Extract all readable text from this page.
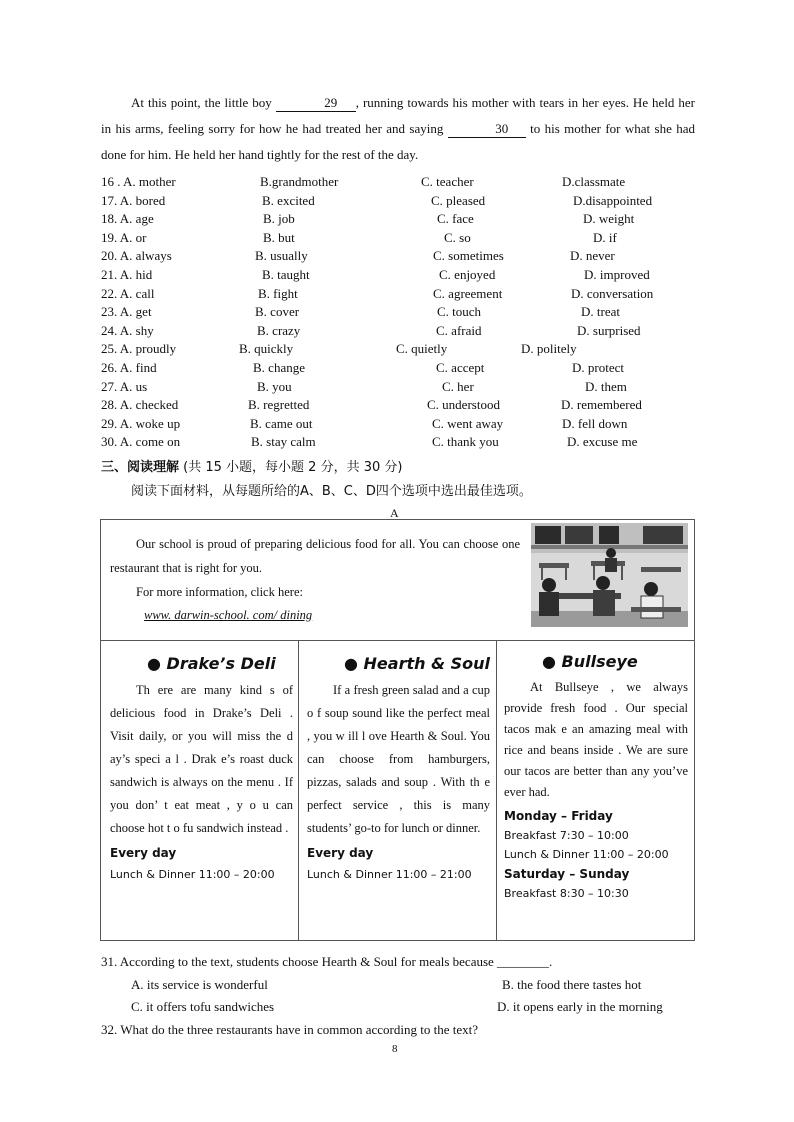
At this point, the little boy	29 , running towards his mother with tears in her eyes. He held her in his arms, feeling sorry for how he had treated her and saying	30 to his mother for what she had done for him. He held her hand tightly for the rest of the day.

16 . A. mother	B.grandmother	C. teacher	D.classmate
17. A. bored	B. excited	C. pleased	D.disappointed
18. A. age	B. job	C. face	D. weight
19. A. or	B. but	C. so	D. if
20. A. always	B. usually	C. sometimes	D. never
21. A. hid	B. taught	C. enjoyed	D. improved
22. A. call	B. fight	C. agreement	D. conversation
23. A. get	B. cover	C. touch	D. treat
24. A. shy	B. crazy	C. afraid	D. surprised
25. A. proudly	B. quickly	C. quietly	D. politely
26. A. find	B. change	C. accept	D. protect
27. A. us	B. you	C. her	D. them
28. A. checked	B. regretted	C. understood	D. remembered
29. A. woke up	B. came out	C. went away	D. fell down
30. A. come on	B. stay calm	C. thank you	D. excuse me
三、阅读理解 (共 15 小题，每小题 2 分，共 30 分)
阅读下面材料，从每题所给的A、B、C、D四个选项中选出最佳选项。
A

Our school is proud of preparing delicious food for all. You can choose one restaurant that is right for you.

For more information, click here:

www. darwin-school. com/ dining

● Drake’s Deli
Th ere are many kind s of delicious food in Drake’s Deli . Visit daily, or you will miss the d ay’s speci a l . Drak e’s roast duck sandwich is always on the menu . If you don’ t eat meat , y o u can choose hot t o fu sandwich instead .
Every day
Lunch & Dinner 11:00 – 20:00
● Hearth & Soul
If a fresh green salad and a cup o f soup sound like the perfect meal , you w ill l ove Hearth & Soul. You can choose from hamburgers, pizzas, salads and soup . With th e perfect service , this is many students’ go-to for lunch or dinner.
Every day
Lunch & Dinner 11:00 – 21:00
● Bullseye
At Bullseye , we always provide fresh food . Our special tacos mak e an amazing meal with rice and beans inside . We are sure our tacos are better than any you’ve ever had.
Monday – Friday
Breakfast 7:30 – 10:00
Lunch & Dinner 11:00 – 20:00
Saturday – Sunday
Breakfast 8:30 – 10:30
31. According to the text, students choose Hearth & Soul for meals because ________.
A. its service is wonderful	B. the food there tastes hot
C. it offers tofu sandwiches	D. it opens early in the morning
32. What do the three restaurants have in common according to the text?
8
